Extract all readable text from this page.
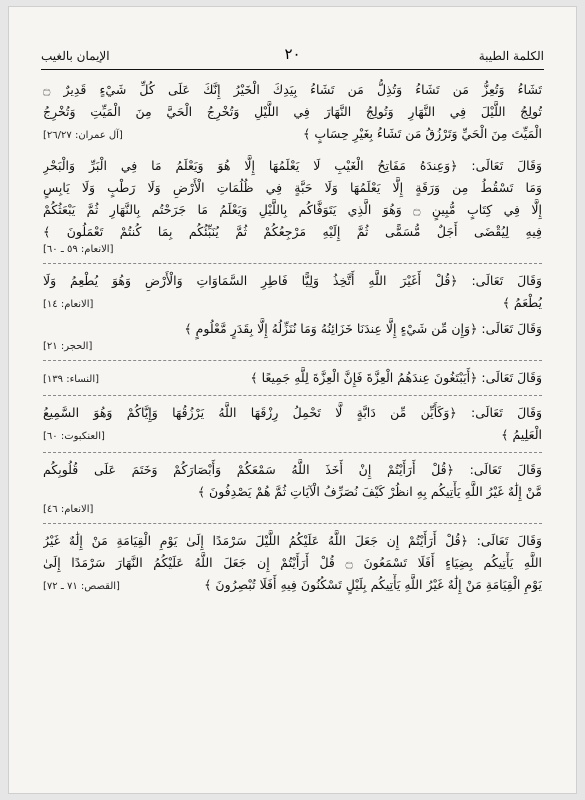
الكلمة الطيبة
٢٠
الإيمان بالغيب
تَشَاءُ وَتُعِزُّ مَن تَشَاءُ وَتُذِلُّ مَن تَشَاءُ بِيَدِكَ الْخَيْرُ إِنَّكَ عَلَى كُلِّ شَيْءٍ قَدِيرٌ ۝
تُولِجُ اللَّيْلَ فِي النَّهَارِ وَتُولِجُ النَّهَارَ فِي اللَّيْلِ وَتُخْرِجُ الْحَيَّ مِنَ الْمَيِّتِ وَتُخْرِجُ
الْمَيِّتَ مِنَ الْحَيِّ وَتَرْزُقُ مَن تَشَاءُ بِغَيْرِ حِسَابٍ ﴾
[آل عمران: ٢٦/٢٧]
وَقَالَ تَعَالَى: ﴿وَعِندَهُ مَفَاتِحُ الْغَيْبِ لَا يَعْلَمُهَا إِلَّا هُوَ وَيَعْلَمُ مَا فِي الْبَرِّ وَالْبَحْرِ
وَمَا تَسْقُطُ مِن وَرَقَةٍ إِلَّا يَعْلَمُهَا وَلَا حَبَّةٍ فِي ظُلُمَاتِ الْأَرْضِ وَلَا رَطْبٍ وَلَا يَابِسٍ
إِلَّا فِي كِتَابٍ مُّبِينٍ ۝ وَهُوَ الَّذِي يَتَوَفَّاكُم بِاللَّيْلِ وَيَعْلَمُ مَا جَرَحْتُم بِالنَّهَارِ ثُمَّ يَبْعَثُكُمْ
فِيهِ لِيُقْضَى أَجَلٌ مُّسَمًّى ثُمَّ إِلَيْهِ مَرْجِعُكُمْ ثُمَّ يُنَبِّئُكُم بِمَا كُنتُمْ تَعْمَلُونَ ﴾
[الانعام: ٥٩ ـ ٦٠]
وَقَالَ تَعَالَى: ﴿قُلْ أَغَيْرَ اللَّهِ أَتَّخِذُ وَلِيًّا فَاطِرِ السَّمَاوَاتِ وَالْأَرْضِ وَهُوَ يُطْعِمُ وَلَا
يُطْعَمُ ﴾
[الانعام: ١٤]
وَقَالَ تَعَالَى: ﴿وَإِن مِّن شَيْءٍ إِلَّا عِندَنَا خَزَائِنُهُ وَمَا نُنَزِّلُهُ إِلَّا بِقَدَرٍ مَّعْلُومٍ ﴾
[الحجر: ٢١]
وَقَالَ تَعَالَى: ﴿أَيَبْتَغُونَ عِندَهُمُ الْعِزَّةَ فَإِنَّ الْعِزَّةَ لِلَّهِ جَمِيعًا ﴾
[النساء: ١٣٩]
وَقَالَ تَعَالَى: ﴿وَكَأَيِّن مِّن دَابَّةٍ لَّا تَحْمِلُ رِزْقَهَا اللَّهُ يَرْزُقُهَا وَإِيَّاكُمْ وَهُوَ السَّمِيعُ
الْعَلِيمُ ﴾
[العنكبوت: ٦٠]
وَقَالَ تَعَالَى: ﴿قُلْ أَرَأَيْتُمْ إِنْ أَخَذَ اللَّهُ سَمْعَكُمْ وَأَبْصَارَكُمْ وَخَتَمَ عَلَى قُلُوبِكُم
مَّنْ إِلَٰهٌ غَيْرُ اللَّهِ يَأْتِيكُم بِهِ انظُرْ كَيْفَ نُصَرِّفُ الْآيَاتِ ثُمَّ هُمْ يَصْدِفُونَ ﴾
[الانعام: ٤٦]
وَقَالَ تَعَالَى: ﴿قُلْ أَرَأَيْتُمْ إِن جَعَلَ اللَّهُ عَلَيْكُمُ اللَّيْلَ سَرْمَدًا إِلَىٰ يَوْمِ الْقِيَامَةِ مَنْ إِلَٰهٌ غَيْرُ
اللَّهِ يَأْتِيكُم بِضِيَاءٍ أَفَلَا تَسْمَعُونَ ۝ قُلْ أَرَأَيْتُمْ إِن جَعَلَ اللَّهُ عَلَيْكُمُ النَّهَارَ سَرْمَدًا إِلَىٰ
يَوْمِ الْقِيَامَةِ مَنْ إِلَٰهٌ غَيْرُ اللَّهِ يَأْتِيكُم بِلَيْلٍ تَسْكُنُونَ فِيهِ أَفَلَا تُبْصِرُونَ ﴾
[القصص: ٧١ ـ ٧٢]
